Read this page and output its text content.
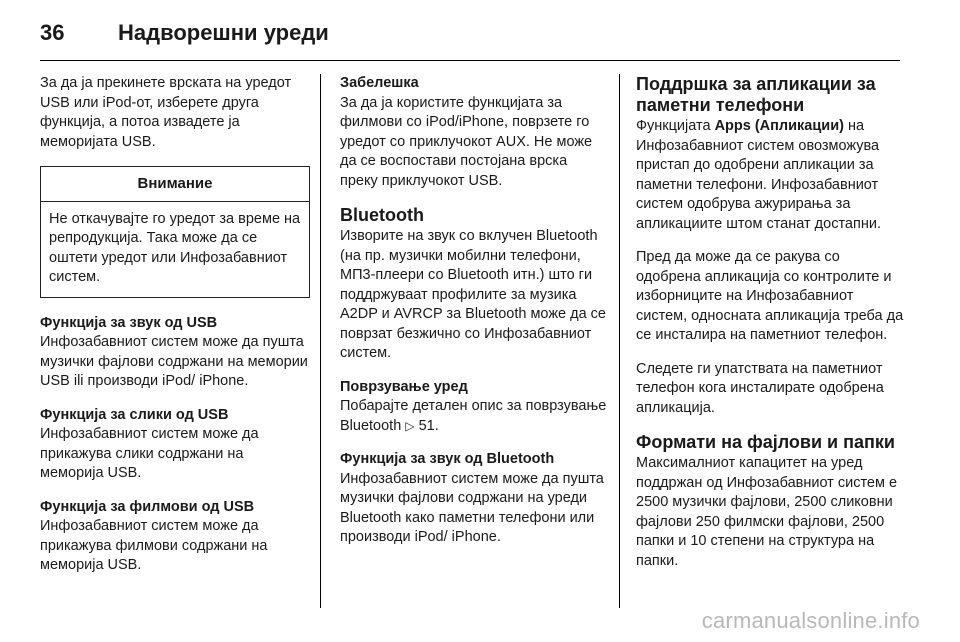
36	Надворешни уреди

За да ја прекинете врската на уредот USB или iPod-от, изберете друга функција, а потоа извадете ја меморијата USB.

Внимание
Не откачувајте го уредот за време на репродукција. Така може да се оштети уредот или Инфозабавниот систем.
Функција за звук од USB

Инфозабавниот систем може да пушта музички фајлови содржани на мемории USB ili производи iPod/ iPhone.

Функција за слики од USB

Инфозабавниот систем може да прикажува слики содржани на меморија USB.

Функција за филмови од USB

Инфозабавниот систем може да прикажува филмови содржани на меморија USB.

Забелешка

За да ја користите функцијата за филмови со iPod/iPhone, поврзете го уредот со приклучокот AUX. Не може да се воспостави постојана врска преку приклучокот USB.

Bluetooth

Изворите на звук со вклучен Bluetooth (на пр. музички мобилни телефони, МП3-плеери со Bluetooth итн.) што ги поддржуваат профилите за музика A2DP и AVRCP за Bluetooth може да се поврзат безжично со Инфозабавниот систем.

Поврзување уред

Побарајте детален опис за поврзување Bluetooth ▷ 51.

Функција за звук од Bluetooth

Инфозабавниот систем може да пушта музички фајлови содржани на уреди Bluetooth како паметни телефони или производи iPod/ iPhone.

Поддршка за апликации за паметни телефони

Функцијата Apps (Апликации) на Инфозабавниот систем овозможува пристап до одобрени апликации за паметни телефони. Инфозабавниот систем одобрува ажурирања за апликациите штом станат достапни.

Пред да може да се ракува со одобрена апликација со контролите и изборниците на Инфозабавниот систем, односната апликација треба да се инсталира на паметниот телефон.

Следете ги упатствата на паметниот телефон кога инсталирате одобрена апликација.

Формати на фајлови и папки

Максималниот капацитет на уред поддржан од Инфозабавниот систем е 2500 музички фајлови, 2500 сликовни фајлови 250 филмски фајлови, 2500 папки и 10 степени на структура на папки.

carmanualsonline.info
